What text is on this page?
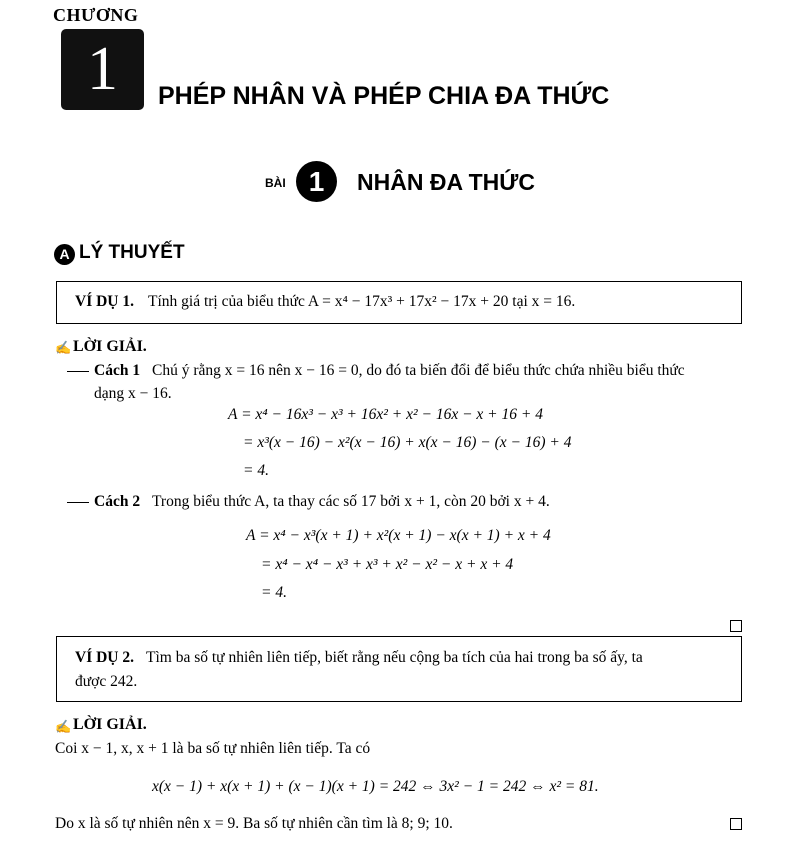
CHƯƠNG
1	PHÉP NHÂN VÀ PHÉP CHIA ĐA THỨC
BÀI 1	NHÂN ĐA THỨC
A LÝ THUYẾT
VÍ DỤ 1. Tính giá trị của biểu thức A = x⁴ − 17x³ + 17x² − 17x + 20 tại x = 16.
✍ LỜI GIẢI.
Cách 1 Chú ý rằng x = 16 nên x − 16 = 0, do đó ta biến đổi để biểu thức chứa nhiều biểu thức
dạng x − 16.
A = x⁴ − 16x³ − x³ + 16x² + x² − 16x − x + 16 + 4
= x³(x − 16) − x²(x − 16) + x(x − 16) − (x − 16) + 4
= 4.
Cách 2 Trong biểu thức A, ta thay các số 17 bởi x + 1, còn 20 bởi x + 4.
A = x⁴ − x³(x + 1) + x²(x + 1) − x(x + 1) + x + 4
= x⁴ − x⁴ − x³ + x³ + x² − x² − x + x + 4
= 4.
VÍ DỤ 2. Tìm ba số tự nhiên liên tiếp, biết rằng nếu cộng ba tích của hai trong ba số ấy, ta
được 242.
✍ LỜI GIẢI.
Coi x − 1, x, x + 1 là ba số tự nhiên liên tiếp. Ta có
x(x − 1) + x(x + 1) + (x − 1)(x + 1) = 242 ⇔ 3x² − 1 = 242 ⇔ x² = 81.
Do x là số tự nhiên nên x = 9. Ba số tự nhiên cần tìm là 8; 9; 10.
